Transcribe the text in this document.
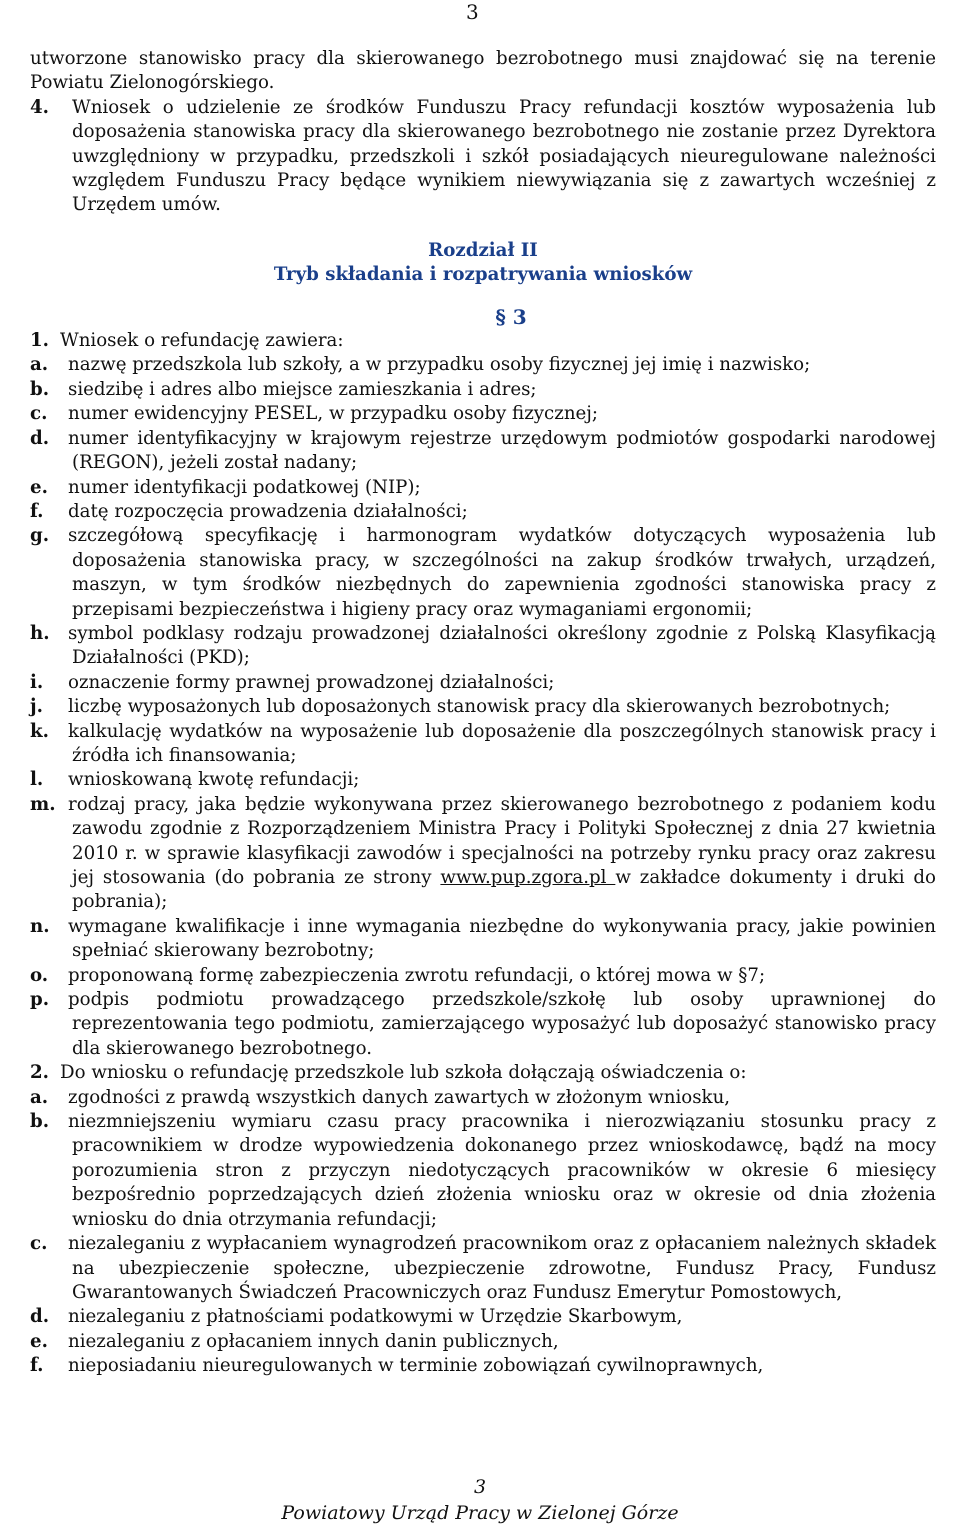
3

utworzone stanowisko pracy dla skierowanego bezrobotnego musi znajdować się na terenie Powiatu Zielonogórskiego.

4. Wniosek o udzielenie ze środków Funduszu Pracy refundacji kosztów wyposażenia lub doposażenia stanowiska pracy dla skierowanego bezrobotnego nie zostanie przez Dyrektora uwzględniony w przypadku, przedszkoli i szkół posiadających nieuregulowane należności względem Funduszu Pracy będące wynikiem niewywiązania się z zawartych wcześniej z Urzędem umów.

Rozdział II
Tryb składania i rozpatrywania wniosków
§ 3

1. Wniosek o refundację zawiera:

a. nazwę przedszkola lub szkoły, a w przypadku osoby fizycznej jej imię i nazwisko;

b. siedzibę i adres albo miejsce zamieszkania i adres;

c. numer ewidencyjny PESEL, w przypadku osoby fizycznej;

d. numer identyfikacyjny w krajowym rejestrze urzędowym podmiotów gospodarki narodowej (REGON), jeżeli został nadany;

e. numer identyfikacji podatkowej (NIP);

f. datę rozpoczęcia prowadzenia działalności;

g. szczegółową specyfikację i harmonogram wydatków dotyczących wyposażenia lub doposażenia stanowiska pracy, w szczególności na zakup środków trwałych, urządzeń, maszyn, w tym środków niezbędnych do zapewnienia zgodności stanowiska pracy z przepisami bezpieczeństwa i higieny pracy oraz wymaganiami ergonomii;

h. symbol podklasy rodzaju prowadzonej działalności określony zgodnie z Polską Klasyfikacją Działalności (PKD);

i. oznaczenie formy prawnej prowadzonej działalności;

j. liczbę wyposażonych lub doposażonych stanowisk pracy dla skierowanych bezrobotnych;

k. kalkulację wydatków na wyposażenie lub doposażenie dla poszczególnych stanowisk pracy i źródła ich finansowania;

l. wnioskowaną kwotę refundacji;

m. rodzaj pracy, jaka będzie wykonywana przez skierowanego bezrobotnego z podaniem kodu zawodu zgodnie z Rozporządzeniem Ministra Pracy i Polityki Społecznej z dnia 27 kwietnia 2010 r. w sprawie klasyfikacji zawodów i specjalności na potrzeby rynku pracy oraz zakresu jej stosowania (do pobrania ze strony www.pup.zgora.pl w zakładce dokumenty i druki do pobrania);

n. wymagane kwalifikacje i inne wymagania niezbędne do wykonywania pracy, jakie powinien spełniać skierowany bezrobotny;

o. proponowaną formę zabezpieczenia zwrotu refundacji, o której mowa w §7;

p. podpis podmiotu prowadzącego przedszkole/szkołę lub osoby uprawnionej do reprezentowania tego podmiotu, zamierzającego wyposażyć lub doposażyć stanowisko pracy dla skierowanego bezrobotnego.

2. Do wniosku o refundację przedszkole lub szkoła dołączają oświadczenia o:

a. zgodności z prawdą wszystkich danych zawartych w złożonym wniosku,

b. niezmniejszeniu wymiaru czasu pracy pracownika i nierozwiązaniu stosunku pracy z pracownikiem w drodze wypowiedzenia dokonanego przez wnioskodawcę, bądź na mocy porozumienia stron z przyczyn niedotyczących pracowników w okresie 6 miesięcy bezpośrednio poprzedzających dzień złożenia wniosku oraz w okresie od dnia złożenia wniosku do dnia otrzymania refundacji;

c. niezaleganiu z wypłacaniem wynagrodzeń pracownikom oraz z opłacaniem należnych składek na ubezpieczenie społeczne, ubezpieczenie zdrowotne, Fundusz Pracy, Fundusz Gwarantowanych Świadczeń Pracowniczych oraz Fundusz Emerytur Pomostowych,

d. niezaleganiu z płatnościami podatkowymi w Urzędzie Skarbowym,

e. niezaleganiu z opłacaniem innych danin publicznych,

f. nieposiadaniu nieuregulowanych w terminie zobowiązań cywilnoprawnych,

3
Powiatowy Urząd Pracy w Zielonej Górze
